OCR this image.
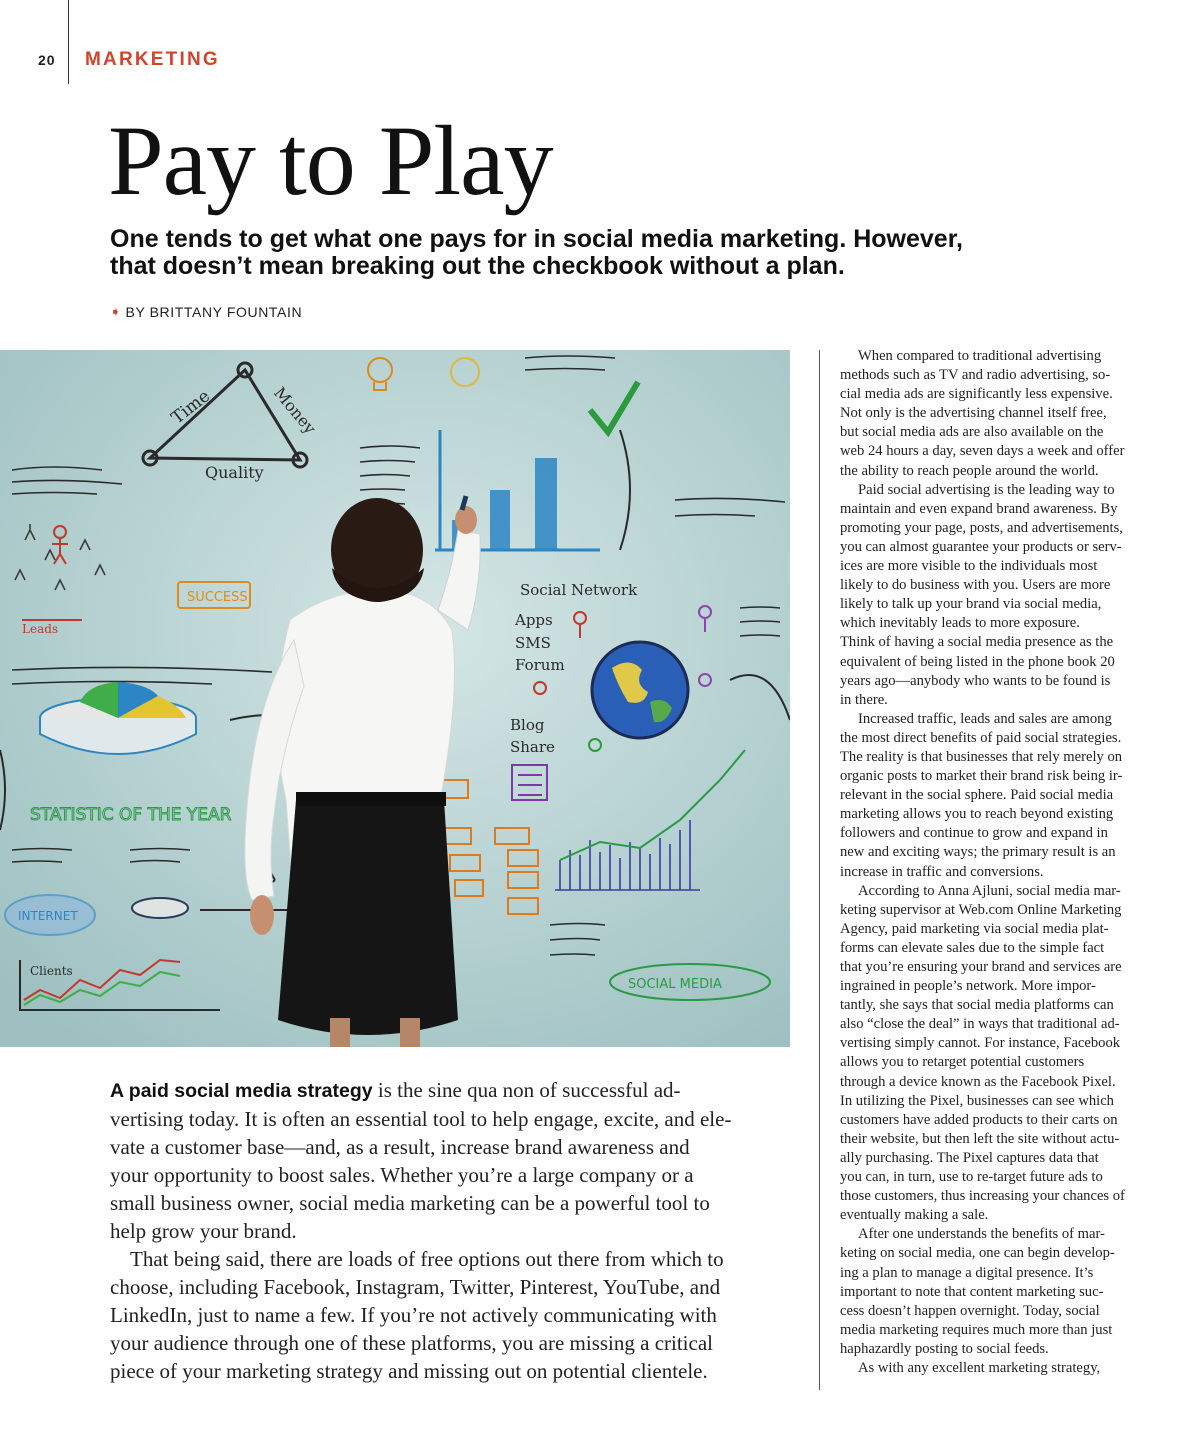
20 MARKETING
Pay to Play
One tends to get what one pays for in social media marketing. However,
that doesn’t mean breaking out the checkbook without a plan.
➧ BY BRITTANY FOUNTAIN
Time	Money
Quality
Social Network
Apps
SMS
Forum
Blog
Share
SUCCESS
Leads
STATISTIC OF THE YEAR
INTERNET
Clients
SOCIAL MEDIA

When compared to traditional advertising
methods such as TV and radio advertising, so-
cial media ads are significantly less expensive.
Not only is the advertising channel itself free,
but social media ads are also available on the
web 24 hours a day, seven days a week and offer
the ability to reach people around the world.

Paid social advertising is the leading way to
maintain and even expand brand awareness. By
promoting your page, posts, and advertisements,
you can almost guarantee your products or serv-
ices are more visible to the individuals most
likely to do business with you. Users are more
likely to talk up your brand via social media,
which inevitably leads to more exposure.

Think of having a social media presence as the
equivalent of being listed in the phone book 20
years ago—anybody who wants to be found is
in there.

Increased traffic, leads and sales are among
the most direct benefits of paid social strategies.
The reality is that businesses that rely merely on
organic posts to market their brand risk being ir-
relevant in the social sphere. Paid social media
marketing allows you to reach beyond existing
followers and continue to grow and expand in
new and exciting ways; the primary result is an
increase in traffic and conversions.

According to Anna Ajluni, social media mar-
keting supervisor at Web.com Online Marketing
Agency, paid marketing via social media plat-
forms can elevate sales due to the simple fact
that you’re ensuring your brand and services are
ingrained in people’s network. More impor-
tantly, she says that social media platforms can
also “close the deal” in ways that traditional ad-
vertising simply cannot. For instance, Facebook
allows you to retarget potential customers
through a device known as the Facebook Pixel.
In utilizing the Pixel, businesses can see which
customers have added products to their carts on
their website, but then left the site without actu-
ally purchasing. The Pixel captures data that
you can, in turn, use to re-target future ads to
those customers, thus increasing your chances of
eventually making a sale.

After one understands the benefits of mar-
keting on social media, one can begin develop-
ing a plan to manage a digital presence. It’s
important to note that content marketing suc-
cess doesn’t happen overnight. Today, social
media marketing requires much more than just
haphazardly posting to social feeds.

As with any excellent marketing strategy,

A paid social media strategy is the sine qua non of successful ad-
vertising today. It is often an essential tool to help engage, excite, and ele-
vate a customer base—and, as a result, increase brand awareness and
your opportunity to boost sales. Whether you’re a large company or a
small business owner, social media marketing can be a powerful tool to
help grow your brand.

That being said, there are loads of free options out there from which to
choose, including Facebook, Instagram, Twitter, Pinterest, YouTube, and
LinkedIn, just to name a few. If you’re not actively communicating with
your audience through one of these platforms, you are missing a critical
piece of your marketing strategy and missing out on potential clientele.
